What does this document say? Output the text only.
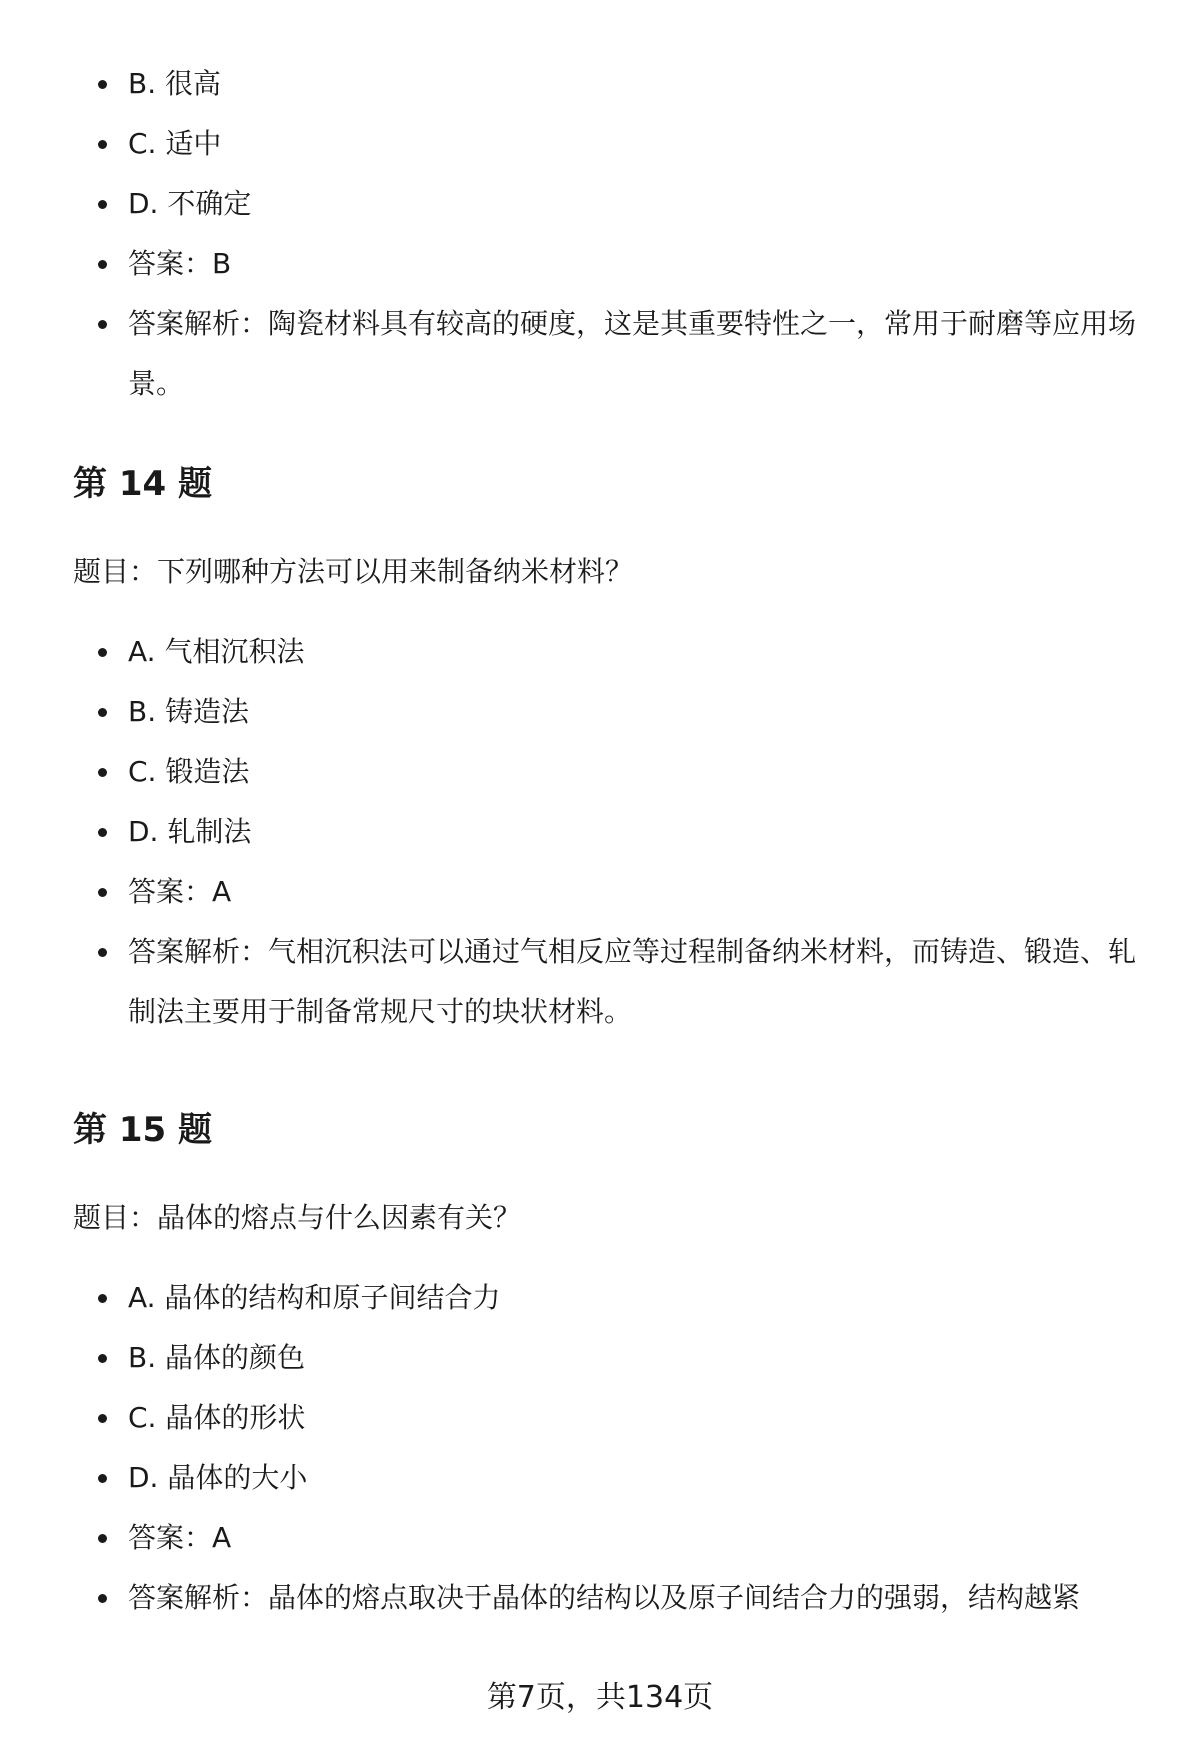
B. 很高
C. 适中
D. 不确定
答案：B
答案解析：陶瓷材料具有较高的硬度，这是其重要特性之一，常用于耐磨等应用场景。
第 14 题

题目：下列哪种方法可以用来制备纳米材料？

A. 气相沉积法
B. 铸造法
C. 锻造法
D. 轧制法
答案：A
答案解析：气相沉积法可以通过气相反应等过程制备纳米材料，而铸造、锻造、轧制法主要用于制备常规尺寸的块状材料。
第 15 题

题目：晶体的熔点与什么因素有关？

A. 晶体的结构和原子间结合力
B. 晶体的颜色
C. 晶体的形状
D. 晶体的大小
答案：A
答案解析：晶体的熔点取决于晶体的结构以及原子间结合力的强弱，结构越紧
第7页，共134页
